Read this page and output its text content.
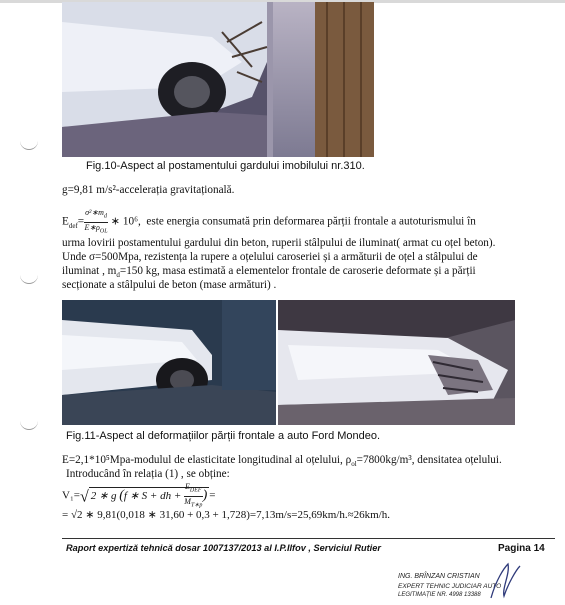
Fig.10-Aspect al postamentului gardului imobilului nr.310.
g=9,81 m/s²-accelerația gravitațională.
$E_{def}= \frac{\sigma^2∗m_d}{E∗\rho_{OL}}$ ∗ 10⁶, este energia consumată prin deformarea părții frontale a autoturismului în
urma lovirii postamentului gardului din beton, ruperii stâlpului de iluminat( armat cu oțel beton).
Unde σ=500Mpa, rezistența la rupere a oțelului caroseriei și a armăturii de oțel a stâlpului de
iluminat , $m_d=150$ kg, masa estimată a elementelor frontale de caroserie deformate și a părții
secționate a stâlpului de beton (mase armături) .
Fig.11-Aspect al deformațiilor părții frontale a auto Ford Mondeo.
E=2,1*10⁵Mpa-modulul de elasticitate longitudinal al oțelului, $\rho_{ol}=7800kg/m^3$, densitatea oțelului.
Introducând în relația (1) , se obține:
V₁=√ 2 ∗ g (f ∗ S + dh + $\frac{E_{DEF}}{M_{T∗p}}$ ) =
= √2 ∗ 9,81(0,018 ∗ 31,60 + 0,3 + 1,728)=7,13m/s=25,69km/h.≈26km/h.
Raport expertiză tehnică dosar 1007137/2013 al I.P.Ilfov , Serviciul Rutier	Pagina 14
ING. BRÎNZAN CRISTIAN
EXPERT TEHNIC JUDICIAR AUTO
LEGITIMAȚIE NR. 4998 13388
